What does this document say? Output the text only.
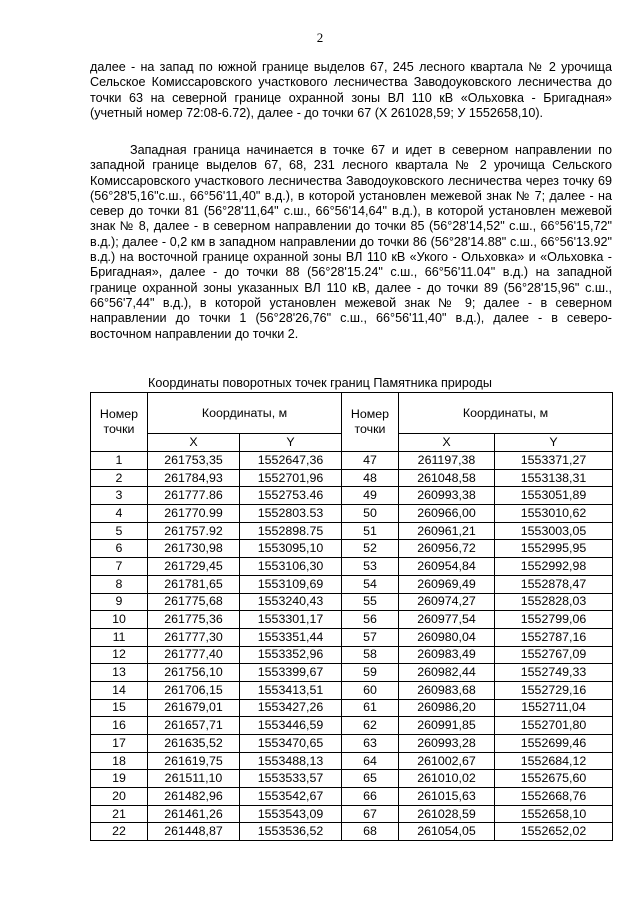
2

далее - на запад по южной границе выделов 67, 245 лесного квартала № 2 урочища Сельское Комиссаровского участкового лесничества Заводоуковского лесничества до точки 63 на северной границе охранной зоны ВЛ 110 кВ «Ольховка - Бригадная» (учетный номер 72:08-6.72), далее - до точки 67 (Х 261028,59; У 1552658,10).

Западная граница начинается в точке 67 и идет в северном направлении по западной границе выделов 67, 68, 231 лесного квартала № 2 урочища Сельского Комиссаровского участкового лесничества Заводоуковского лесничества через точку 69 (56°28'5,16"с.ш., 66°56'11,40" в.д.), в которой установлен межевой знак № 7; далее - на север до точки 81 (56°28'11,64" с.ш., 66°56'14,64" в.д.), в которой установлен межевой знак № 8, далее - в северном направлении до точки 85 (56°28'14,52" с.ш., 66°56'15,72" в.д.); далее - 0,2 км в западном направлении до точки 86 (56°28'14.88" с.ш., 66°56'13.92" в.д.) на восточной границе охранной зоны ВЛ 110 кВ «Укого - Ольховка» и «Ольховка - Бригадная», далее - до точки 88 (56°28'15.24" с.ш., 66°56'11.04" в.д.) на западной границе охранной зоны указанных ВЛ 110 кВ, далее - до точки 89 (56°28'15,96" с.ш., 66°56'7,44" в.д.), в которой установлен межевой знак № 9; далее - в северном направлении до точки 1 (56°28'26,76" с.ш., 66°56'11,40" в.д.), далее - в северо-восточном направлении до точки 2.

Координаты поворотных точек границ Памятника природы
Номер точки	Координаты, м		Номер точки	Координаты, м	
	X	Y		X	Y
1	261753,35	1552647,36	47	261197,38	1553371,27
2	261784,93	1552701,96	48	261048,58	1553138,31
3	261777.86	1552753.46	49	260993,38	1553051,89
4	261770.99	1552803.53	50	260966,00	1553010,62
5	261757.92	1552898.75	51	260961,21	1553003,05
6	261730,98	1553095,10	52	260956,72	1552995,95
7	261729,45	1553106,30	53	260954,84	1552992,98
8	261781,65	1553109,69	54	260969,49	1552878,47
9	261775,68	1553240,43	55	260974,27	1552828,03
10	261775,36	1553301,17	56	260977,54	1552799,06
11	261777,30	1553351,44	57	260980,04	1552787,16
12	261777,40	1553352,96	58	260983,49	1552767,09
13	261756,10	1553399,67	59	260982,44	1552749,33
14	261706,15	1553413,51	60	260983,68	1552729,16
15	261679,01	1553427,26	61	260986,20	1552711,04
16	261657,71	1553446,59	62	260991,85	1552701,80
17	261635,52	1553470,65	63	260993,28	1552699,46
18	261619,75	1553488,13	64	261002,67	1552684,12
19	261511,10	1553533,57	65	261010,02	1552675,60
20	261482,96	1553542,67	66	261015,63	1552668,76
21	261461,26	1553543,09	67	261028,59	1552658,10
22	261448,87	1553536,52	68	261054,05	1552652,02
